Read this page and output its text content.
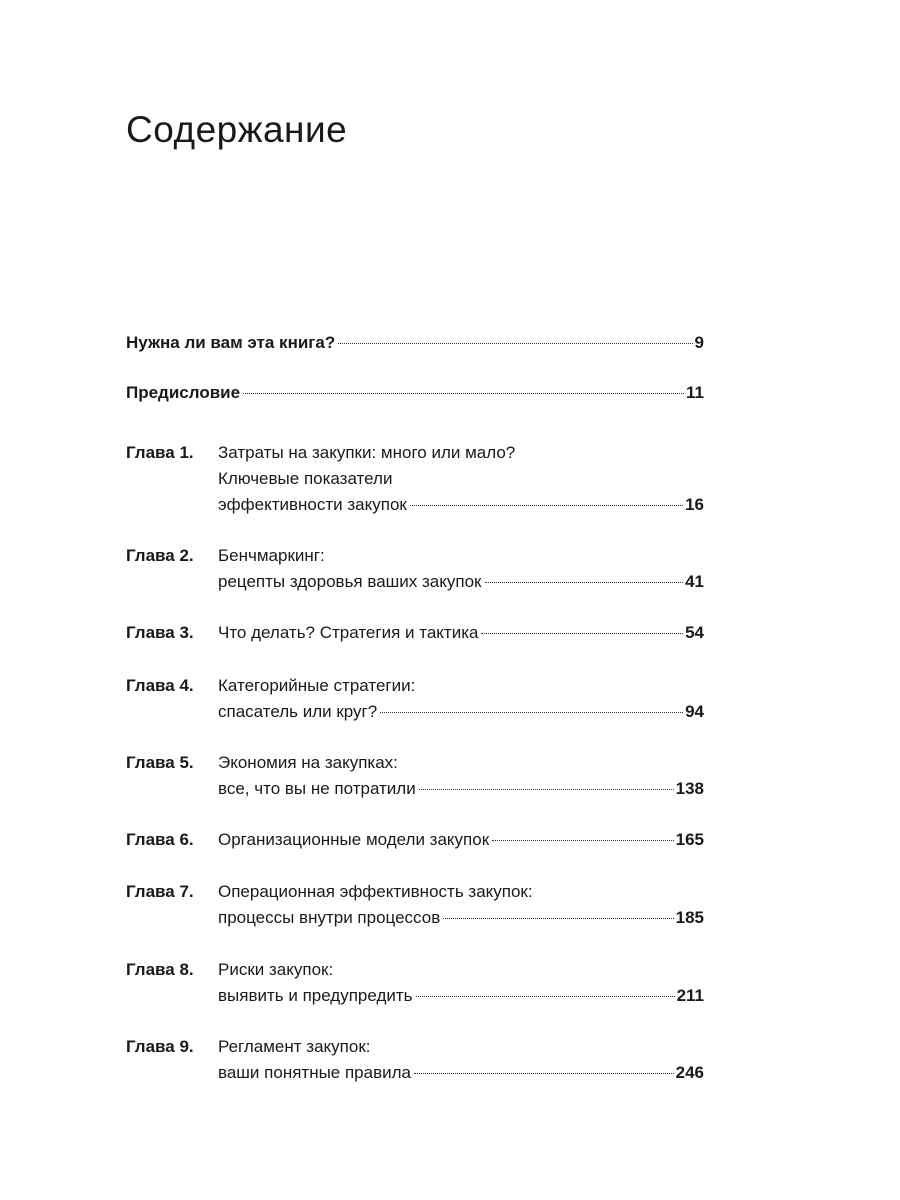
Содержание
Нужна ли вам эта книга?	9
Предисловие	11
Глава 1. Затраты на закупки: много или мало?
Ключевые показатели
эффективности закупок	16
Глава 2. Бенчмаркинг:
рецепты здоровья ваших закупок	41
Глава 3. Что делать? Стратегия и тактика	54
Глава 4. Категорийные стратегии:
спасатель или круг?	94
Глава 5. Экономия на закупках:
все, что вы не потратили	138
Глава 6. Организационные модели закупок	165
Глава 7. Операционная эффективность закупок:
процессы внутри процессов	185
Глава 8. Риски закупок:
выявить и предупредить	211
Глава 9. Регламент закупок:
ваши понятные правила	246
